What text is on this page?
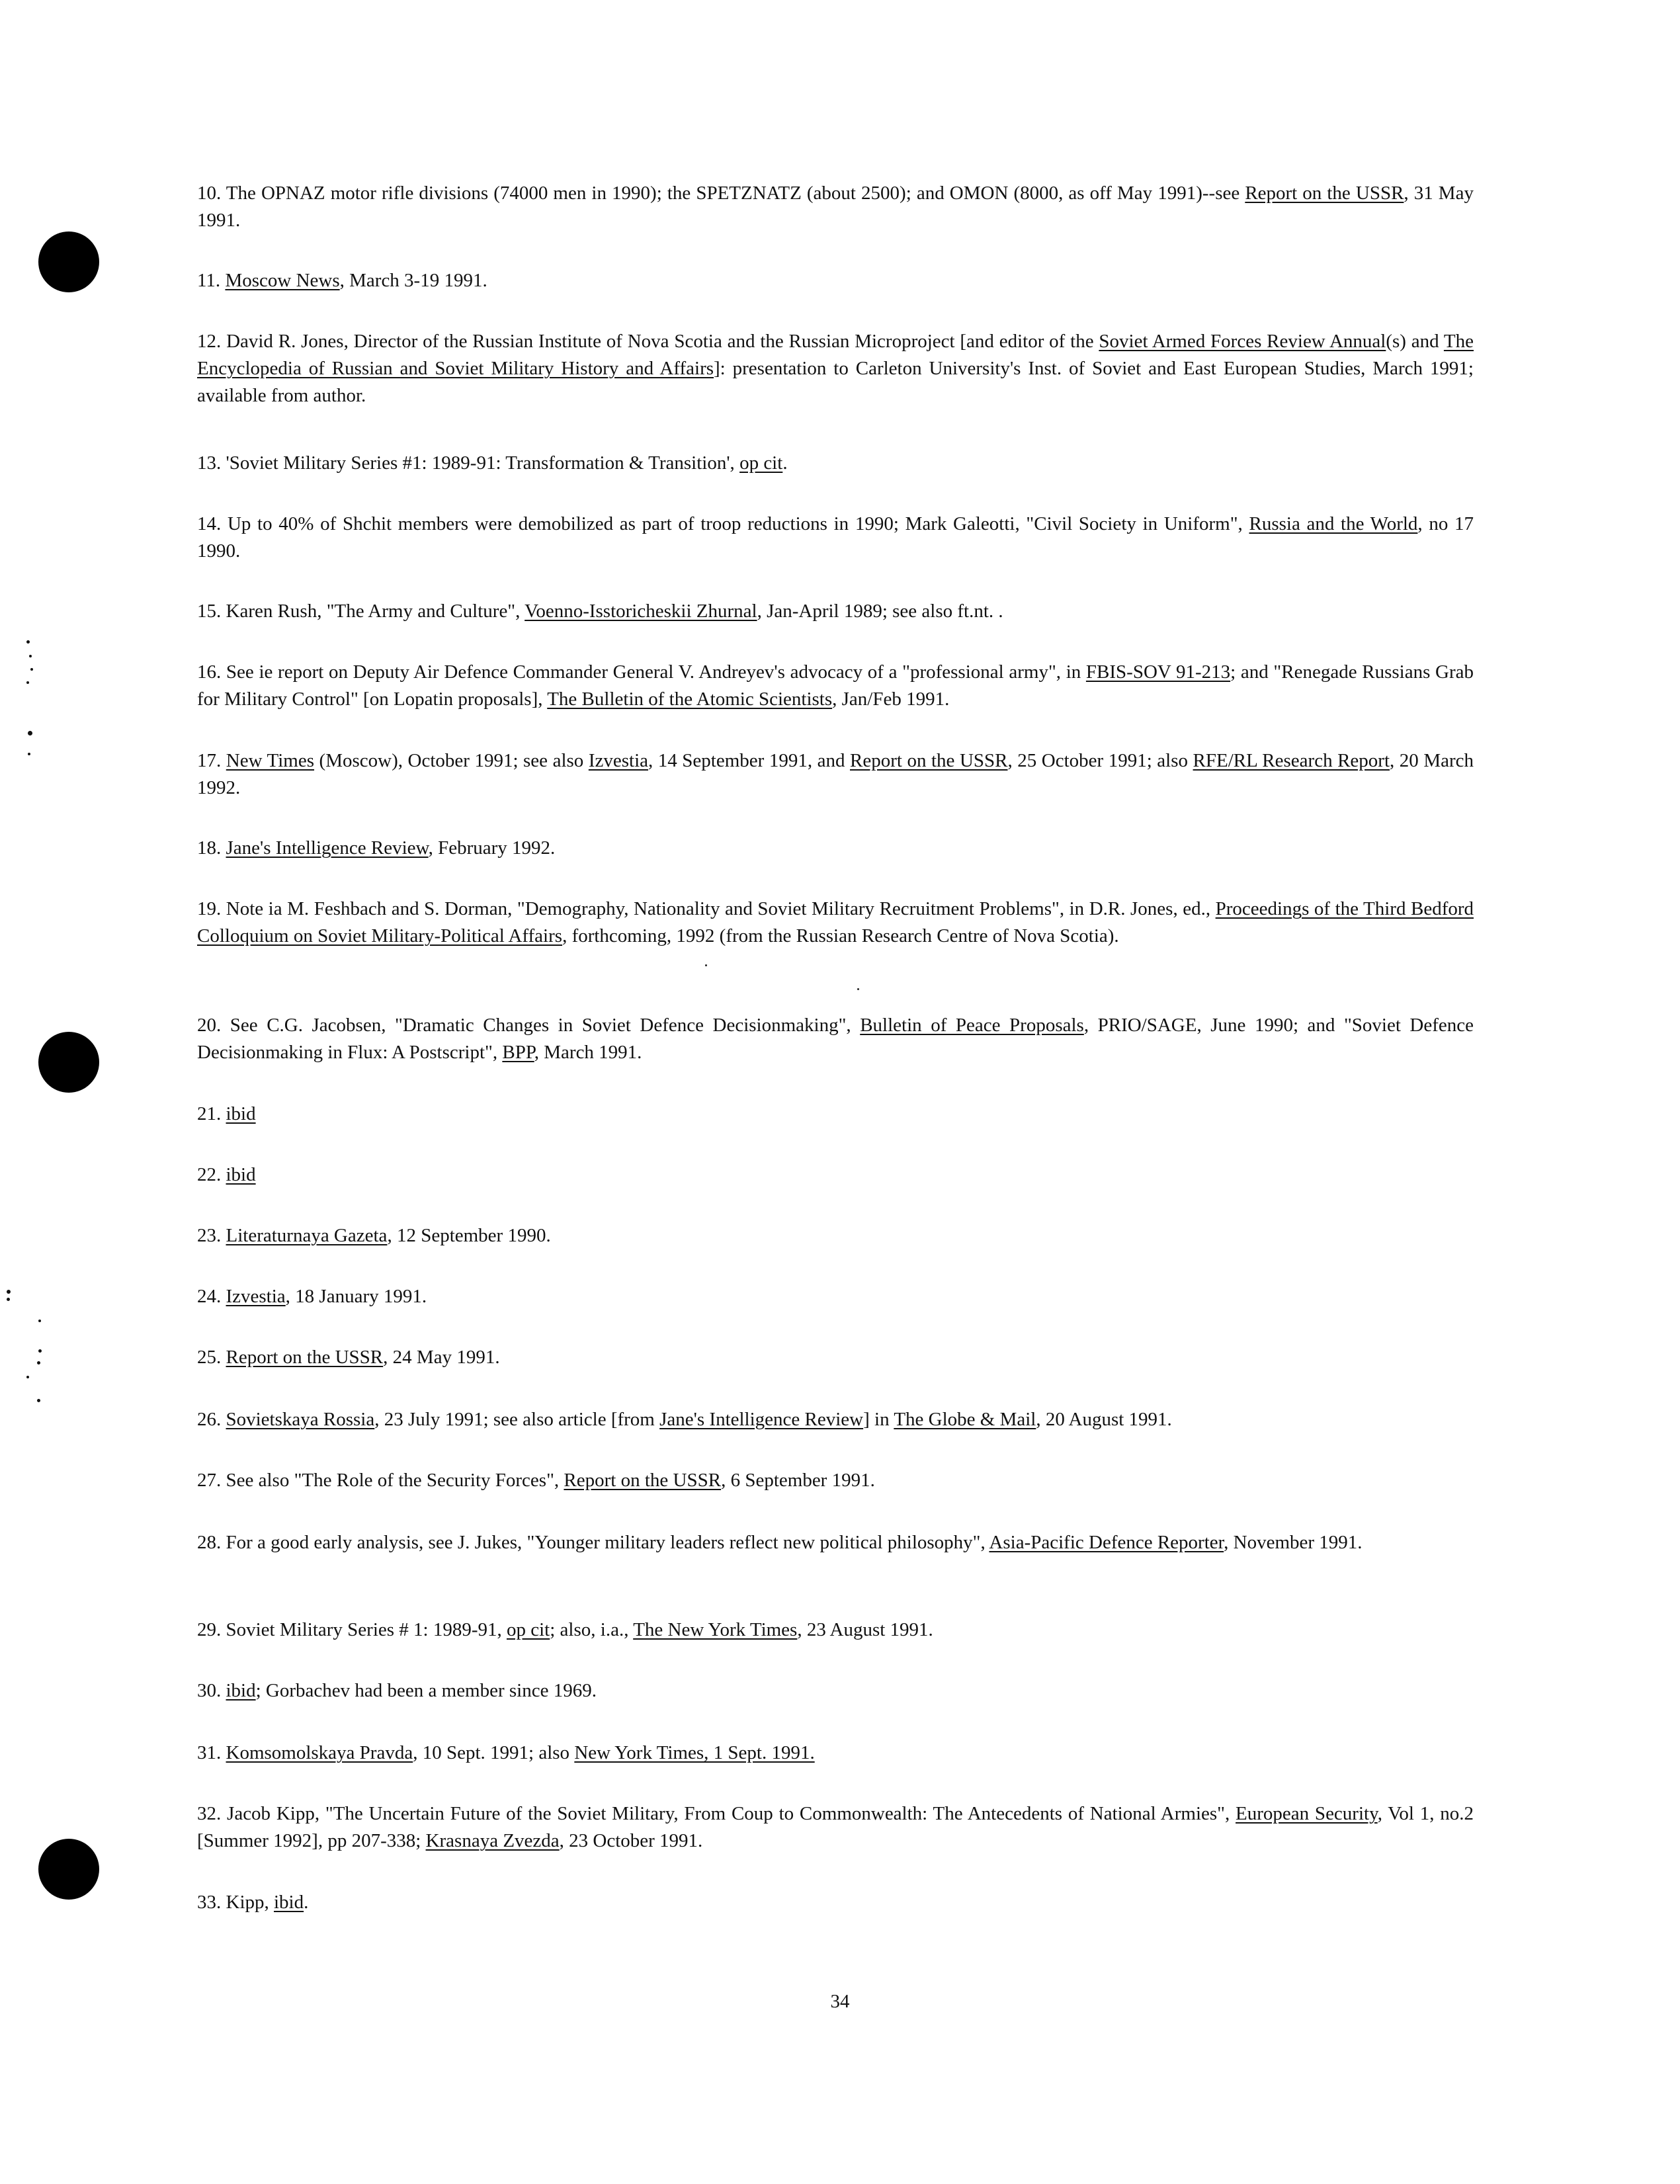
10. The OPNAZ motor rifle divisions (74000 men in 1990); the SPETZNATZ (about 2500); and OMON (8000, as off May 1991)--see Report on the USSR, 31 May 1991.

11. Moscow News, March 3-19 1991.

12. David R. Jones, Director of the Russian Institute of Nova Scotia and the Russian Microproject [and editor of the Soviet Armed Forces Review Annual(s) and The Encyclopedia of Russian and Soviet Military History and Affairs]: presentation to Carleton University's Inst. of Soviet and East European Studies, March 1991; available from author.

13. 'Soviet Military Series #1: 1989-91: Transformation & Transition', op cit.

14. Up to 40% of Shchit members were demobilized as part of troop reductions in 1990; Mark Galeotti, "Civil Society in Uniform", Russia and the World, no 17 1990.

15. Karen Rush, "The Army and Culture", Voenno-Isstoricheskii Zhurnal, Jan-April 1989; see also ft.nt. .

16. See ie report on Deputy Air Defence Commander General V. Andreyev's advocacy of a "professional army", in FBIS-SOV 91-213; and "Renegade Russians Grab for Military Control" [on Lopatin proposals], The Bulletin of the Atomic Scientists, Jan/Feb 1991.

17. New Times (Moscow), October 1991; see also Izvestia, 14 September 1991, and Report on the USSR, 25 October 1991; also RFE/RL Research Report, 20 March 1992.

18. Jane's Intelligence Review, February 1992.

19. Note ia M. Feshbach and S. Dorman, "Demography, Nationality and Soviet Military Recruitment Problems", in D.R. Jones, ed., Proceedings of the Third Bedford Colloquium on Soviet Military-Political Affairs, forthcoming, 1992 (from the Russian Research Centre of Nova Scotia).

20. See C.G. Jacobsen, "Dramatic Changes in Soviet Defence Decisionmaking", Bulletin of Peace Proposals, PRIO/SAGE, June 1990; and "Soviet Defence Decisionmaking in Flux: A Postscript", BPP, March 1991.

21. ibid

22. ibid

23. Literaturnaya Gazeta, 12 September 1990.

24. Izvestia, 18 January 1991.

25. Report on the USSR, 24 May 1991.

26. Sovietskaya Rossia, 23 July 1991; see also article [from Jane's Intelligence Review] in The Globe & Mail, 20 August 1991.

27. See also "The Role of the Security Forces", Report on the USSR, 6 September 1991.

28. For a good early analysis, see J. Jukes, "Younger military leaders reflect new political philosophy", Asia-Pacific Defence Reporter, November 1991.

29. Soviet Military Series # 1: 1989-91, op cit; also, i.a., The New York Times, 23 August 1991.

30. ibid; Gorbachev had been a member since 1969.

31. Komsomolskaya Pravda, 10 Sept. 1991; also New York Times, 1 Sept. 1991.

32. Jacob Kipp, "The Uncertain Future of the Soviet Military, From Coup to Commonwealth: The Antecedents of National Armies", European Security, Vol 1, no.2 [Summer 1992], pp 207-338; Krasnaya Zvezda, 23 October 1991.

33. Kipp, ibid.

34
